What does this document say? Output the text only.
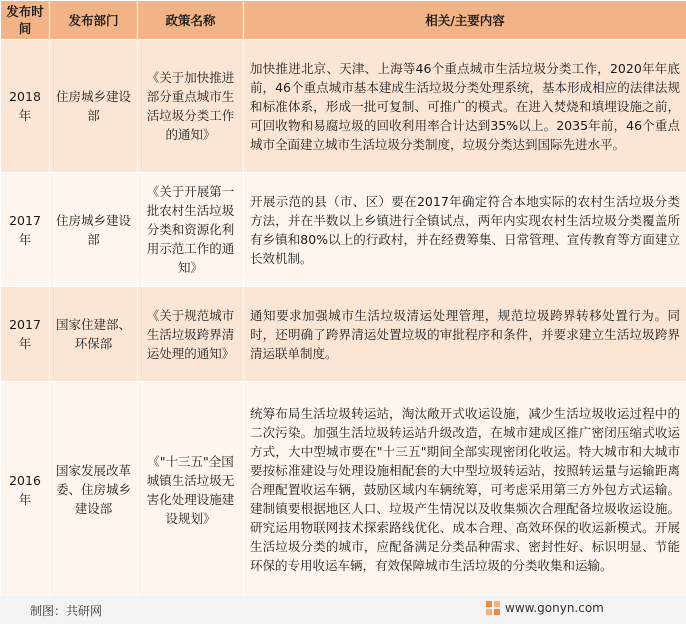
发布时间	发布部门	政策名称	相关/主要内容
2018年	住房城乡建设部	《关于加快推进部分重点城市生活垃圾分类工作的通知》	加快推进北京、天津、上海等46个重点城市生活垃圾分类工作，2020年年底前，46个重点城市基本建成生活垃圾分类处理系统，基本形成相应的法律法规和标准体系，形成一批可复制、可推广的模式。在进入焚烧和填埋设施之前，可回收物和易腐垃圾的回收利用率合计达到35%以上。2035年前，46个重点城市全面建立城市生活垃圾分类制度，垃圾分类达到国际先进水平。
2017年	住房城乡建设部	《关于开展第一批农村生活垃圾分类和资源化利用示范工作的通知》	开展示范的县（市、区）要在2017年确定符合本地实际的农村生活垃圾分类方法，并在半数以上乡镇进行全镇试点，两年内实现农村生活垃圾分类覆盖所有乡镇和80%以上的行政村，并在经费筹集、日常管理、宣传教育等方面建立长效机制。
2017年	国家住建部、环保部	《关于规范城市生活垃圾跨界清运处理的通知》	通知要求加强城市生活垃圾清运处理管理，规范垃圾跨界转移处置行为。同时，还明确了跨界清运处置垃圾的审批程序和条件，并要求建立生活垃圾跨界清运联单制度。
2016年	国家发展改革委、住房城乡建设部	《"十三五"全国城镇生活垃圾无害化处理设施建设规划》	统筹布局生活垃圾转运站，淘汰敞开式收运设施，减少生活垃圾收运过程中的二次污染。加强生活垃圾转运站升级改造，在城市建成区推广密闭压缩式收运方式，大中型城市要在"十三五"期间全部实现密闭化收运。特大城市和大城市要按标准建设与处理设施相配套的大中型垃圾转运站，按照转运量与运输距离合理配置收运车辆，鼓励区域内车辆统筹，可考虑采用第三方外包方式运输。建制镇要根据地区人口、垃圾产生情况以及收集频次合理配备垃圾收运设施。研究运用物联网技术探索路线优化、成本合理、高效环保的收运新模式。开展生活垃圾分类的城市，应配备满足分类品种需求、密封性好、标识明显、节能环保的专用收运车辆，有效保障城市生活垃圾的分类收集和运输。
制图：共研网	www.gonyn.com
